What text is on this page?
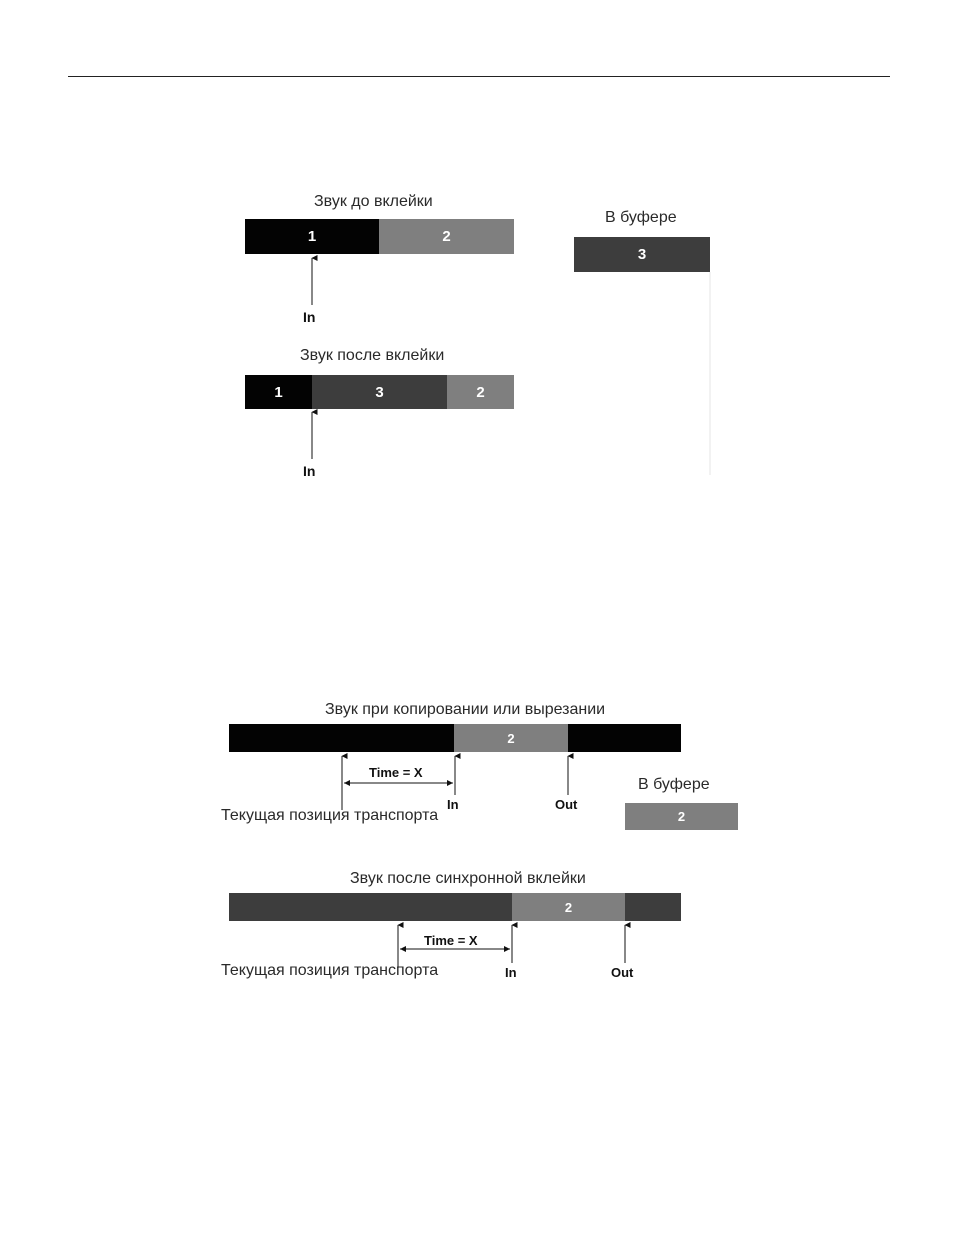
Звук до вклейки
1	2
In
В буфере
3
Звук после вклейки
1	3	2
In
Звук при копировании или вырезании
2
Time = X
In	Out
Текущая позиция транспорта
В буфере
2
Звук после синхронной вклейки
2
Time = X
In	Out
Текущая позиция транспорта
